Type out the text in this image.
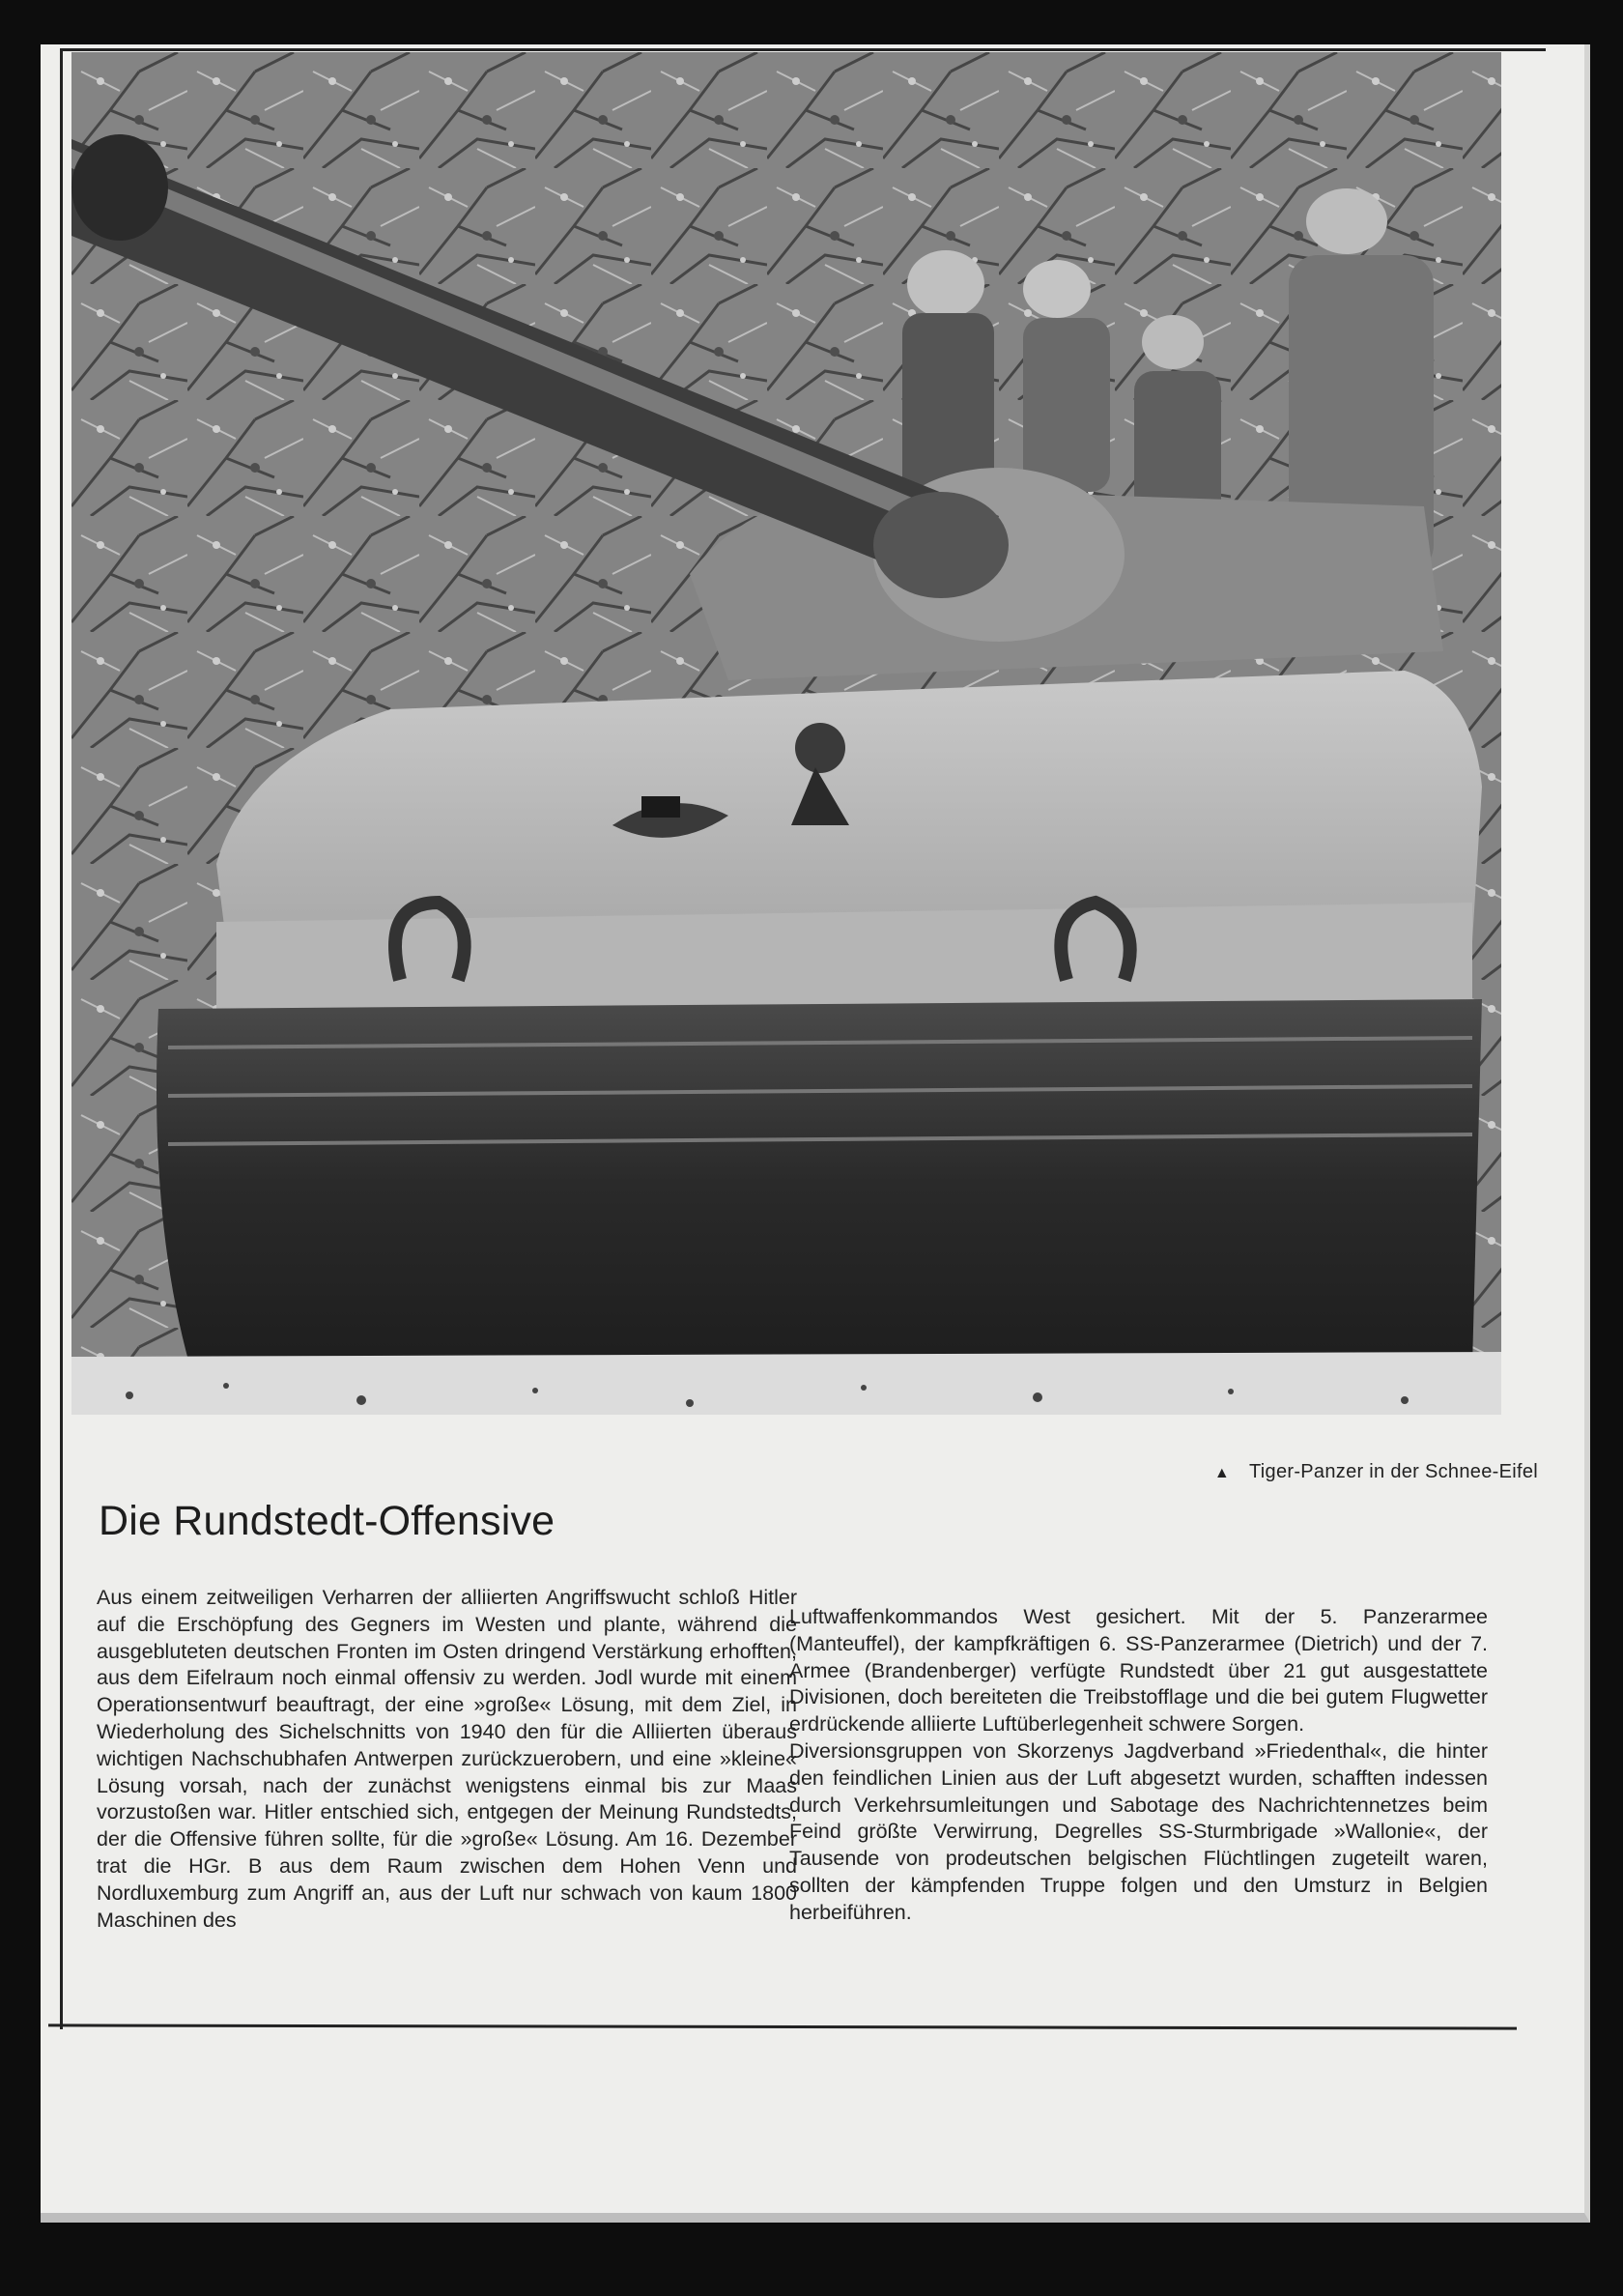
▲ Tiger-Panzer in der Schnee-Eifel
Die Rundstedt-Offensive

Aus einem zeitweiligen Verharren der alliierten Angriffswucht schloß Hitler auf die Erschöpfung des Gegners im Westen und plante, während die ausgebluteten deutschen Fronten im Osten dringend Verstärkung erhofften, aus dem Eifelraum noch einmal offensiv zu werden. Jodl wurde mit einem Operationsentwurf beauftragt, der eine »große« Lösung, mit dem Ziel, in Wiederholung des Sichelschnitts von 1940 den für die Alliierten überaus wichtigen Nachschubhafen Antwerpen zurückzuerobern, und eine »kleine« Lösung vorsah, nach der zunächst wenigstens einmal bis zur Maas vorzustoßen war. Hitler entschied sich, entgegen der Meinung Rundstedts, der die Offensive führen sollte, für die »große« Lösung. Am 16. Dezember trat die HGr. B aus dem Raum zwischen dem Hohen Venn und Nordluxemburg zum Angriff an, aus der Luft nur schwach von kaum 1800 Maschinen des

Luftwaffenkommandos West gesichert. Mit der 5. Panzerarmee (Manteuffel), der kampfkräftigen 6. SS-Panzerarmee (Dietrich) und der 7. Armee (Brandenberger) verfügte Rundstedt über 21 gut ausgestattete Divisionen, doch bereiteten die Treibstofflage und die bei gutem Flugwetter erdrückende alliierte Luftüberlegenheit schwere Sorgen.

Diversionsgruppen von Skorzenys Jagdverband »Friedenthal«, die hinter den feindlichen Linien aus der Luft abgesetzt wurden, schafften indessen durch Verkehrsumleitungen und Sabotage des Nachrichtennetzes beim Feind größte Verwirrung, Degrelles SS-Sturmbrigade »Wallonie«, der Tausende von prodeutschen belgischen Flüchtlingen zugeteilt waren, sollten der kämpfenden Truppe folgen und den Umsturz in Belgien herbeiführen.
